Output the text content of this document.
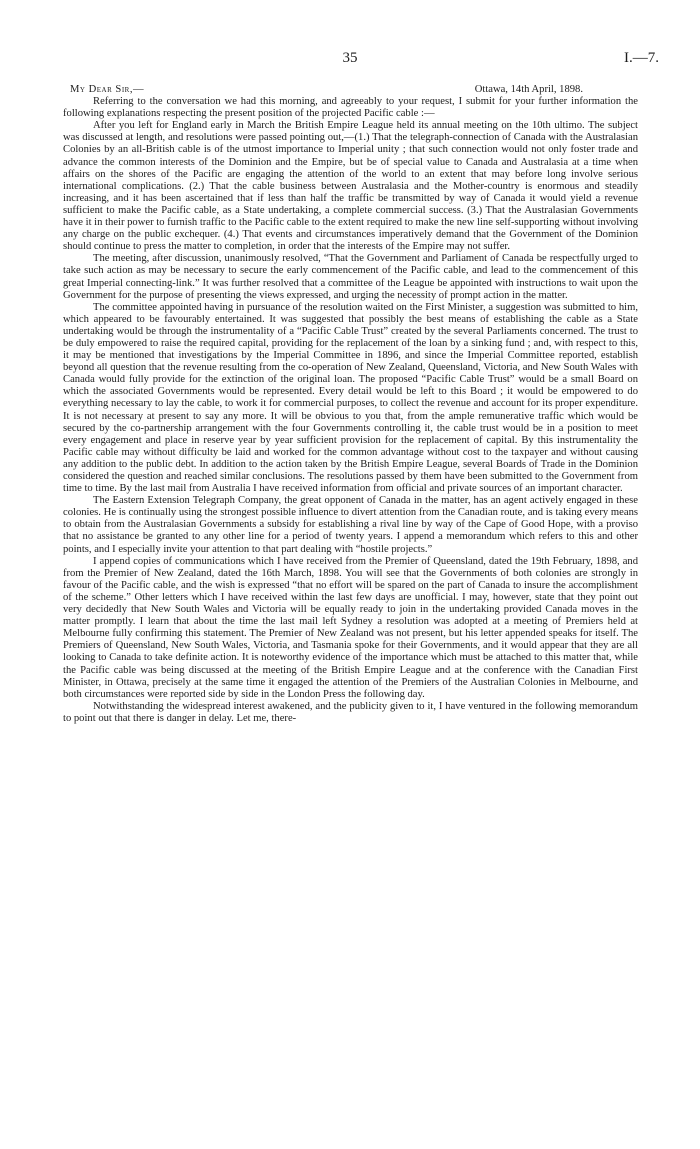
35	I.—7.
My Dear Sir,—	Ottawa, 14th April, 1898.

Referring to the conversation we had this morning, and agreeably to your request, I submit for your further information the following explanations respecting the present position of the projected Pacific cable :—

After you left for England early in March the British Empire League held its annual meeting on the 10th ultimo. The subject was discussed at length, and resolutions were passed pointing out,—(1.) That the telegraph-connection of Canada with the Australasian Colonies by an all-British cable is of the utmost importance to Imperial unity ; that such connection would not only foster trade and advance the common interests of the Dominion and the Empire, but be of special value to Canada and Australasia at a time when affairs on the shores of the Pacific are engaging the attention of the world to an extent that may before long involve serious international complications. (2.) That the cable business between Australasia and the Mother-country is enormous and steadily increasing, and it has been ascertained that if less than half the traffic be transmitted by way of Canada it would yield a revenue sufficient to make the Pacific cable, as a State undertaking, a complete commercial success. (3.) That the Australasian Governments have it in their power to furnish traffic to the Pacific cable to the extent required to make the new line self-supporting without involving any charge on the public exchequer. (4.) That events and circumstances imperatively demand that the Government of the Dominion should continue to press the matter to completion, in order that the interests of the Empire may not suffer.

The meeting, after discussion, unanimously resolved, “That the Government and Parliament of Canada be respectfully urged to take such action as may be necessary to secure the early commencement of the Pacific cable, and lead to the commencement of this great Imperial connecting-link.” It was further resolved that a committee of the League be appointed with instructions to wait upon the Government for the purpose of presenting the views expressed, and urging the necessity of prompt action in the matter.

The committee appointed having in pursuance of the resolution waited on the First Minister, a suggestion was submitted to him, which appeared to be favourably entertained. It was suggested that possibly the best means of establishing the cable as a State undertaking would be through the instrumentality of a “Pacific Cable Trust” created by the several Parliaments concerned. The trust to be duly empowered to raise the required capital, providing for the replacement of the loan by a sinking fund ; and, with respect to this, it may be mentioned that investigations by the Imperial Committee in 1896, and since the Imperial Committee reported, establish beyond all question that the revenue resulting from the co-operation of New Zealand, Queensland, Victoria, and New South Wales with Canada would fully provide for the extinction of the original loan. The proposed “Pacific Cable Trust” would be a small Board on which the associated Governments would be represented. Every detail would be left to this Board ; it would be empowered to do everything necessary to lay the cable, to work it for commercial purposes, to collect the revenue and account for its proper expenditure. It is not necessary at present to say any more. It will be obvious to you that, from the ample remunerative traffic which would be secured by the co-partnership arrangement with the four Governments controlling it, the cable trust would be in a position to meet every engagement and place in reserve year by year sufficient provision for the replacement of capital. By this instrumentality the Pacific cable may without difficulty be laid and worked for the common advantage without cost to the taxpayer and without causing any addition to the public debt. In addition to the action taken by the British Empire League, several Boards of Trade in the Dominion considered the question and reached similar conclusions. The resolutions passed by them have been submitted to the Government from time to time. By the last mail from Australia I have received information from official and private sources of an important character.

The Eastern Extension Telegraph Company, the great opponent of Canada in the matter, has an agent actively engaged in these colonies. He is continually using the strongest possible influence to divert attention from the Canadian route, and is taking every means to obtain from the Australasian Governments a subsidy for establishing a rival line by way of the Cape of Good Hope, with a proviso that no assistance be granted to any other line for a period of twenty years. I append a memorandum which refers to this and other points, and I especially invite your attention to that part dealing with “hostile projects.”

I append copies of communications which I have received from the Premier of Queensland, dated the 19th February, 1898, and from the Premier of New Zealand, dated the 16th March, 1898. You will see that the Governments of both colonies are strongly in favour of the Pacific cable, and the wish is expressed “that no effort will be spared on the part of Canada to insure the accomplishment of the scheme.” Other letters which I have received within the last few days are unofficial. I may, however, state that they point out very decidedly that New South Wales and Victoria will be equally ready to join in the undertaking provided Canada moves in the matter promptly. I learn that about the time the last mail left Sydney a resolution was adopted at a meeting of Premiers held at Melbourne fully confirming this statement. The Premier of New Zealand was not present, but his letter appended speaks for itself. The Premiers of Queensland, New South Wales, Victoria, and Tasmania spoke for their Governments, and it would appear that they are all looking to Canada to take definite action. It is noteworthy evidence of the importance which must be attached to this matter that, while the Pacific cable was being discussed at the meeting of the British Empire League and at the conference with the Canadian First Minister, in Ottawa, precisely at the same time it engaged the attention of the Premiers of the Australian Colonies in Melbourne, and both circumstances were reported side by side in the London Press the following day.

Notwithstanding the widespread interest awakened, and the publicity given to it, I have ventured in the following memorandum to point out that there is danger in delay. Let me, there-
